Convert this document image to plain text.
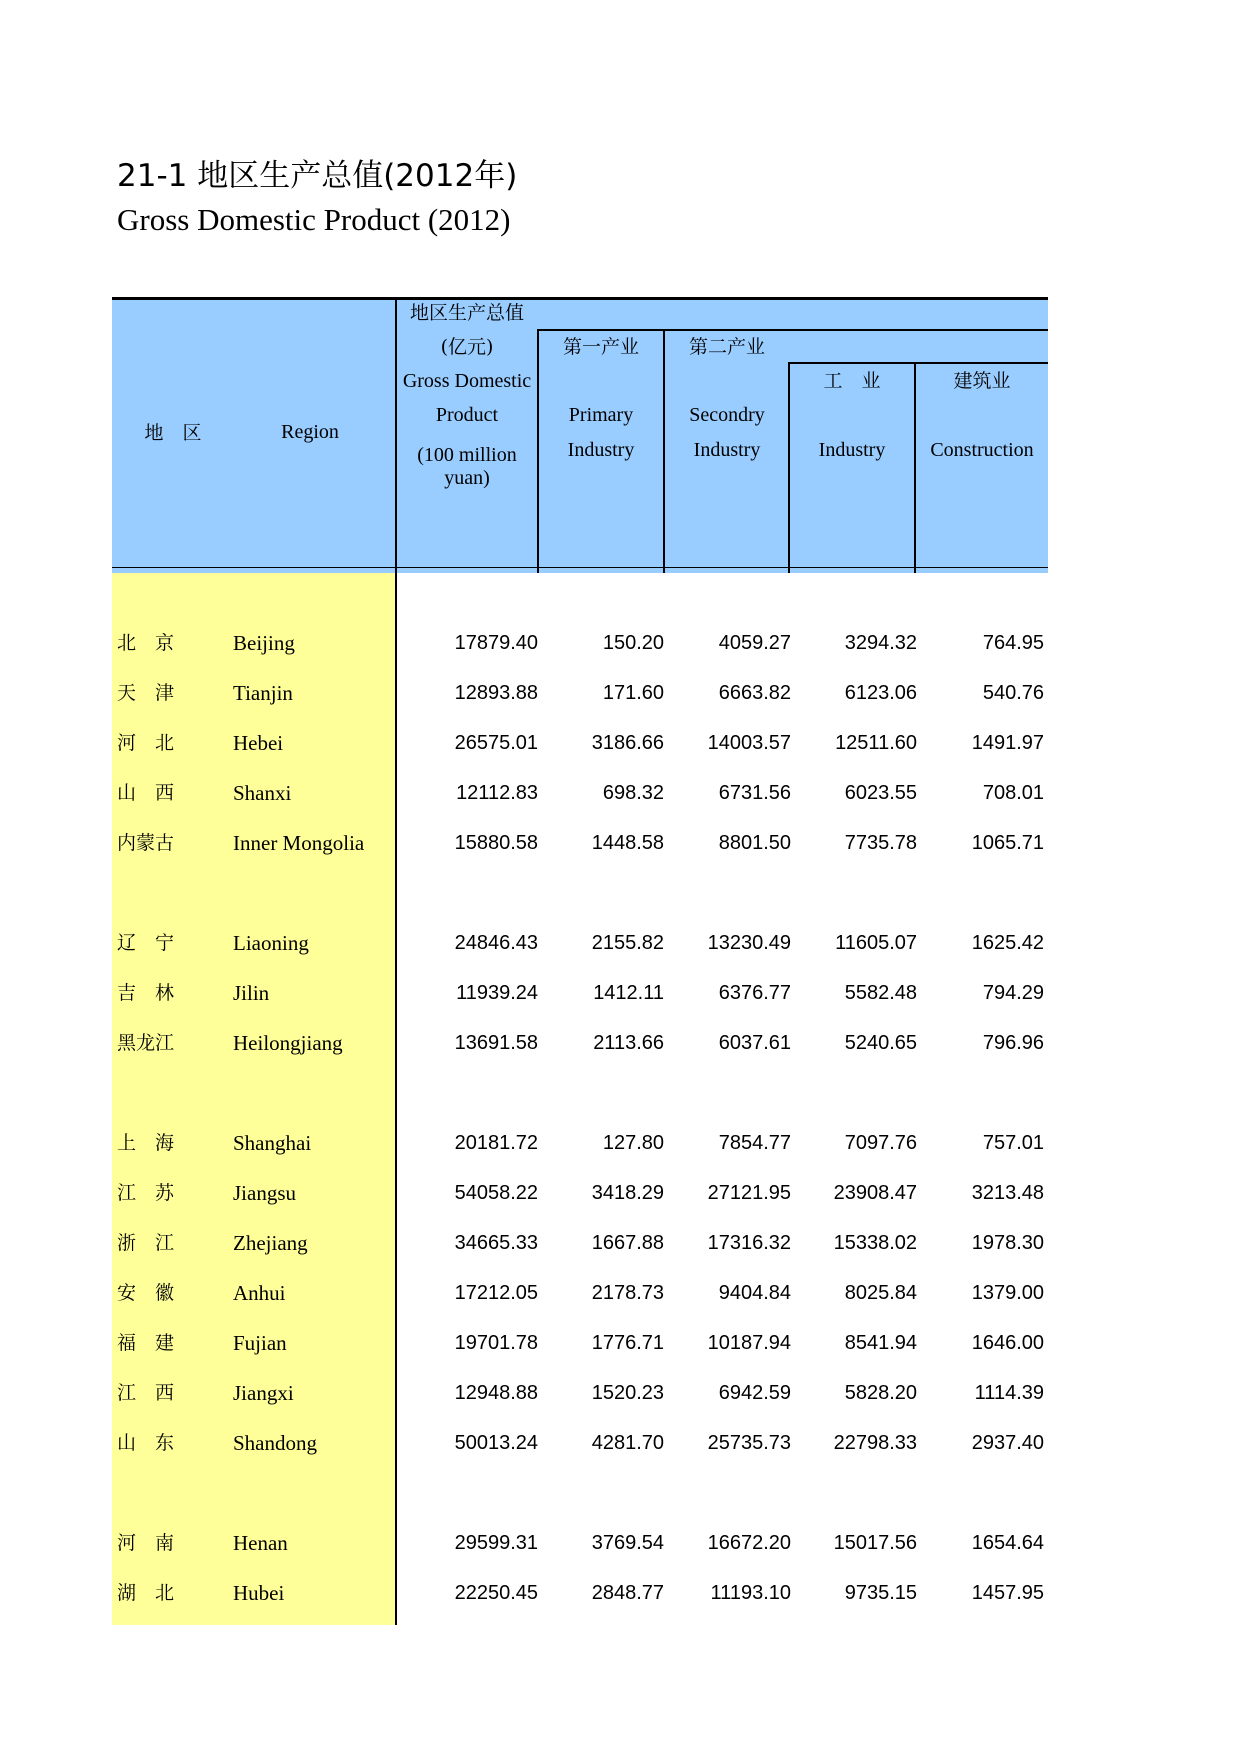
21-1 地区生产总值(2012年)
Gross Domestic Product (2012)
地　区	Region
地区生产总值
(亿元)
Gross Domestic
Product
(100 million
yuan)
第一产业
Primary
Industry
第二产业
Secondry
Industry
工　业
Industry
建筑业
Construction
北　京	Beijing	17879.40	150.20	4059.27	3294.32	764.95
天　津	Tianjin	12893.88	171.60	6663.82	6123.06	540.76
河　北	Hebei	26575.01	3186.66 14003.57 12511.60	1491.97
山　西	Shanxi	12112.83	698.32	6731.56	6023.55	708.01
内蒙古	Inner Mongolia	15880.58	1448.58	8801.50	7735.78	1065.71
辽　宁	Liaoning	24846.43	2155.82 13230.49 11605.07	1625.42
吉　林	Jilin	11939.24	1412.11	6376.77	5582.48	794.29
黑龙江	Heilongjiang	13691.58	2113.66	6037.61	5240.65	796.96
上　海	Shanghai	20181.72	127.80	7854.77	7097.76	757.01
江　苏	Jiangsu	54058.22	3418.29 27121.95 23908.47	3213.48
浙　江	Zhejiang	34665.33	1667.88 17316.32 15338.02	1978.30
安　徽	Anhui	17212.05	2178.73	9404.84	8025.84	1379.00
福　建	Fujian	19701.78	1776.71 10187.94	8541.94	1646.00
江　西	Jiangxi	12948.88	1520.23	6942.59	5828.20	1114.39
山　东	Shandong	50013.24	4281.70 25735.73 22798.33	2937.40
河　南	Henan	29599.31	3769.54 16672.20 15017.56	1654.64
湖　北	Hubei	22250.45	2848.77 11193.10	9735.15	1457.95
